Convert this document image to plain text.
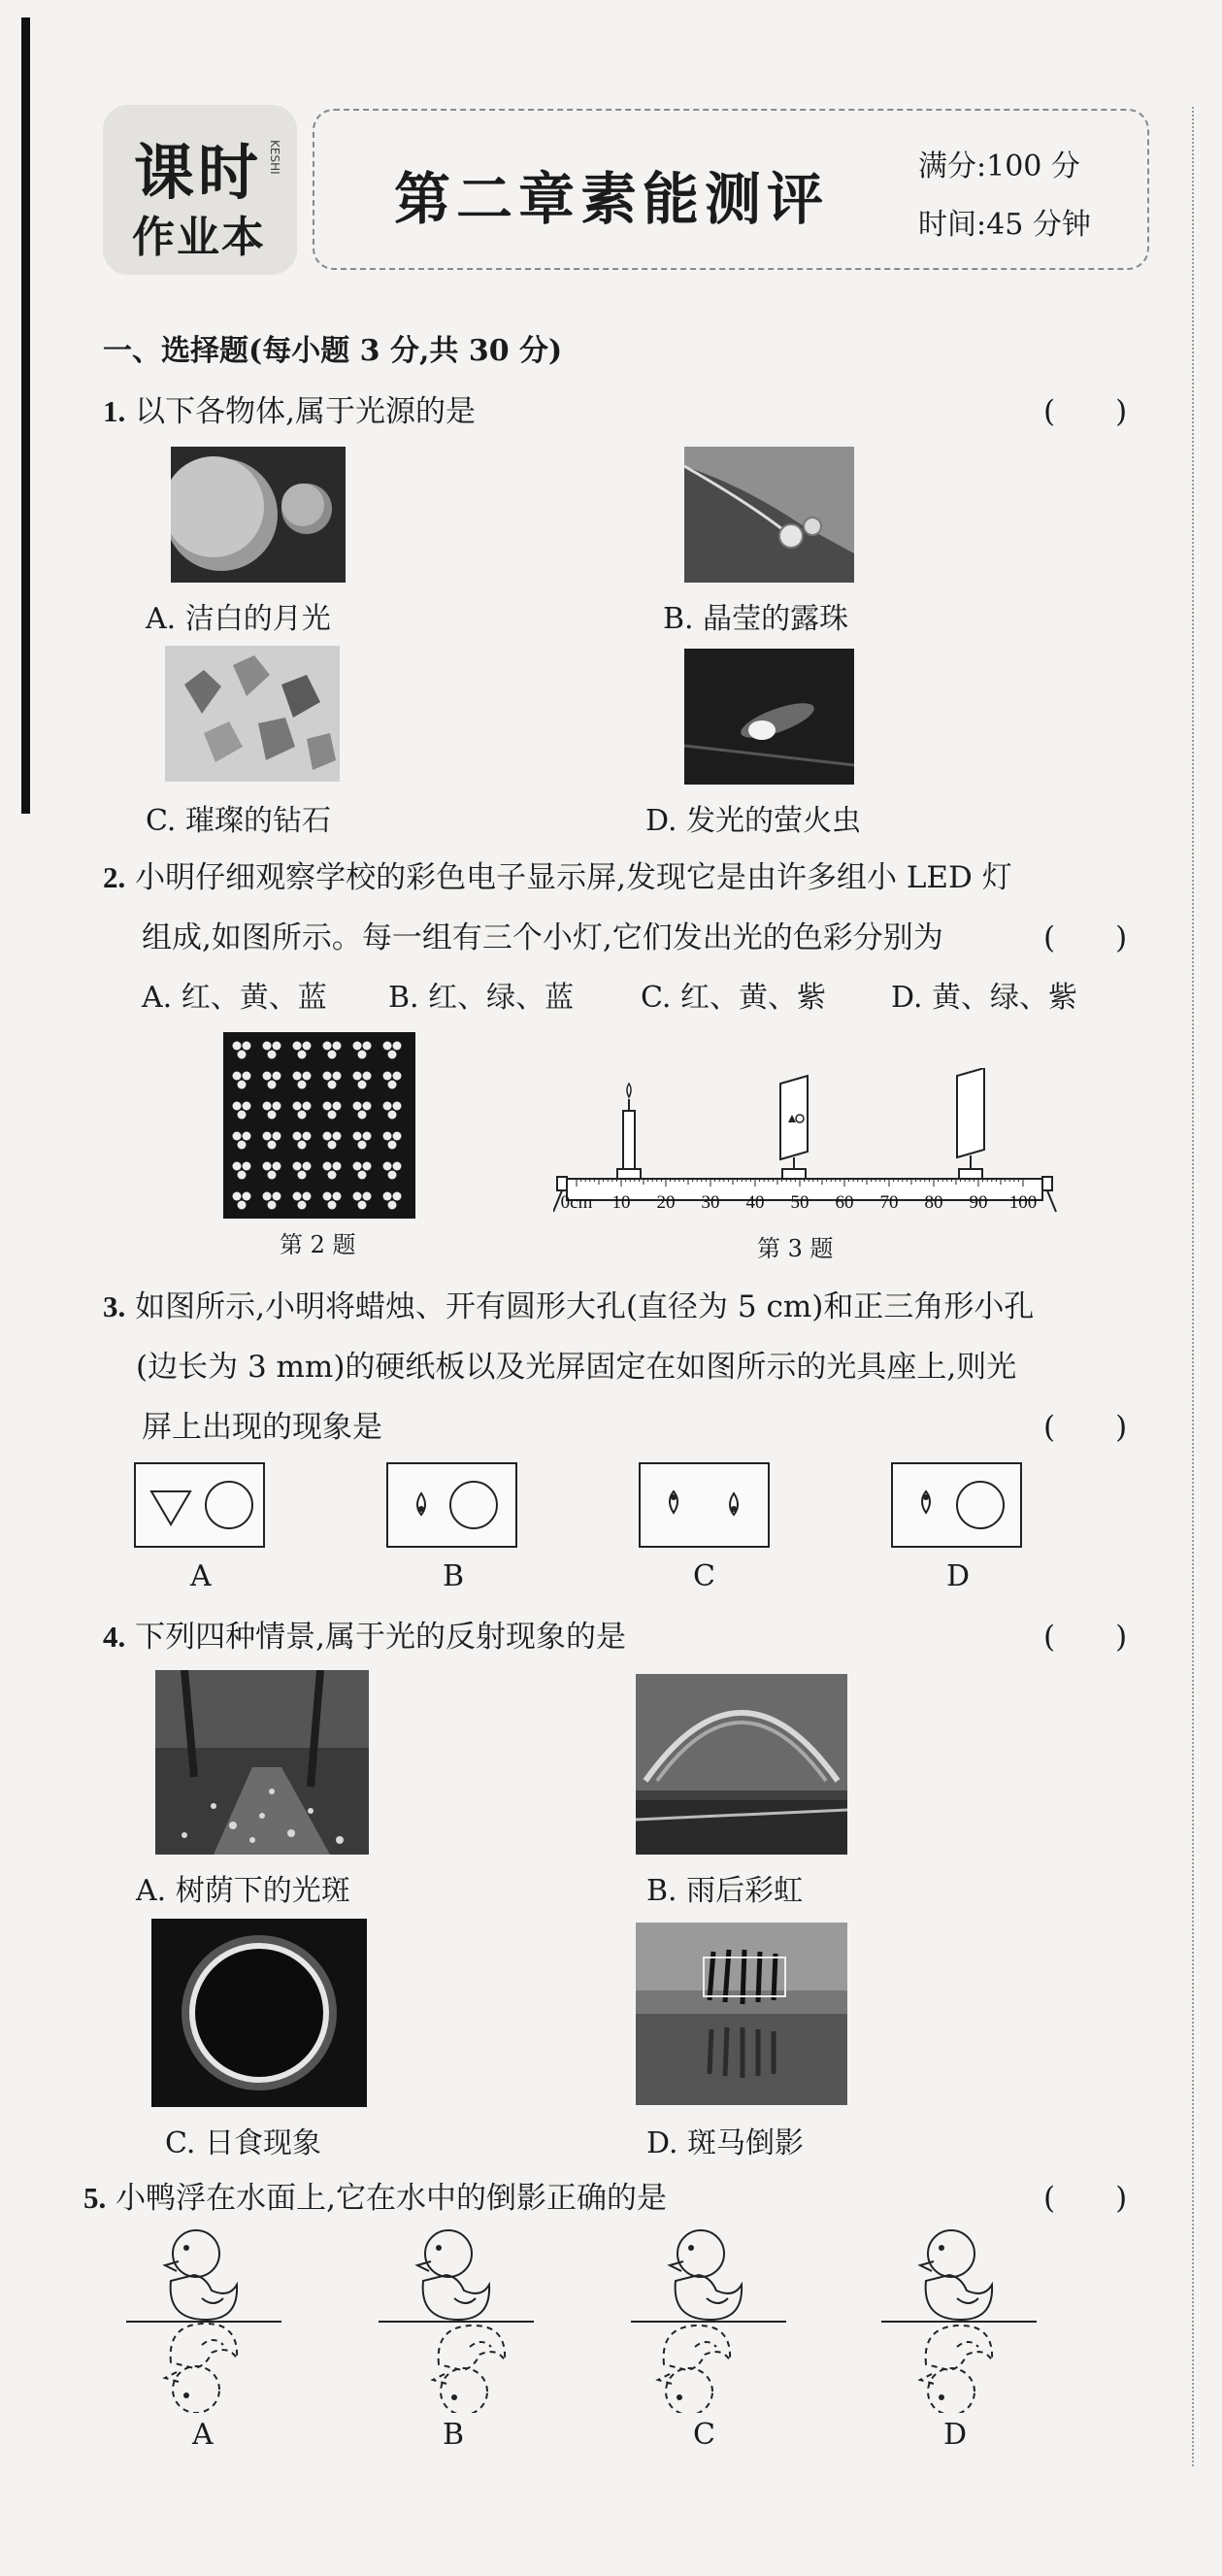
课时
作业本
KESHI
第二章素能测评	满分:100 分
时间:45 分钟
一、选择题(每小题 3 分,共 30 分)
1. 以下各物体,属于光源的是	(　　)
A. 洁白的月光	B. 晶莹的露珠
C. 璀璨的钻石	D. 发光的萤火虫
2. 小明仔细观察学校的彩色电子显示屏,发现它是由许多组小 LED 灯
组成,如图所示。每一组有三个小灯,它们发出光的色彩分别为	(　　)
A. 红、黄、蓝 B. 红、绿、蓝 C. 红、黄、紫 D. 黄、绿、紫
第 2 题
0cm 10 20 30 40 50 60 70 80 90 100
第 3 题
3. 如图所示,小明将蜡烛、开有圆形大孔(直径为 5 cm)和正三角形小孔
(边长为 3 mm)的硬纸板以及光屏固定在如图所示的光具座上,则光
屏上出现的现象是	(　　)
A	B	C	D
4. 下列四种情景,属于光的反射现象的是	(　　)
A. 树荫下的光斑	B. 雨后彩虹
C. 日食现象	D. 斑马倒影
5. 小鸭浮在水面上,它在水中的倒影正确的是	(　　)
A	B	C	D
